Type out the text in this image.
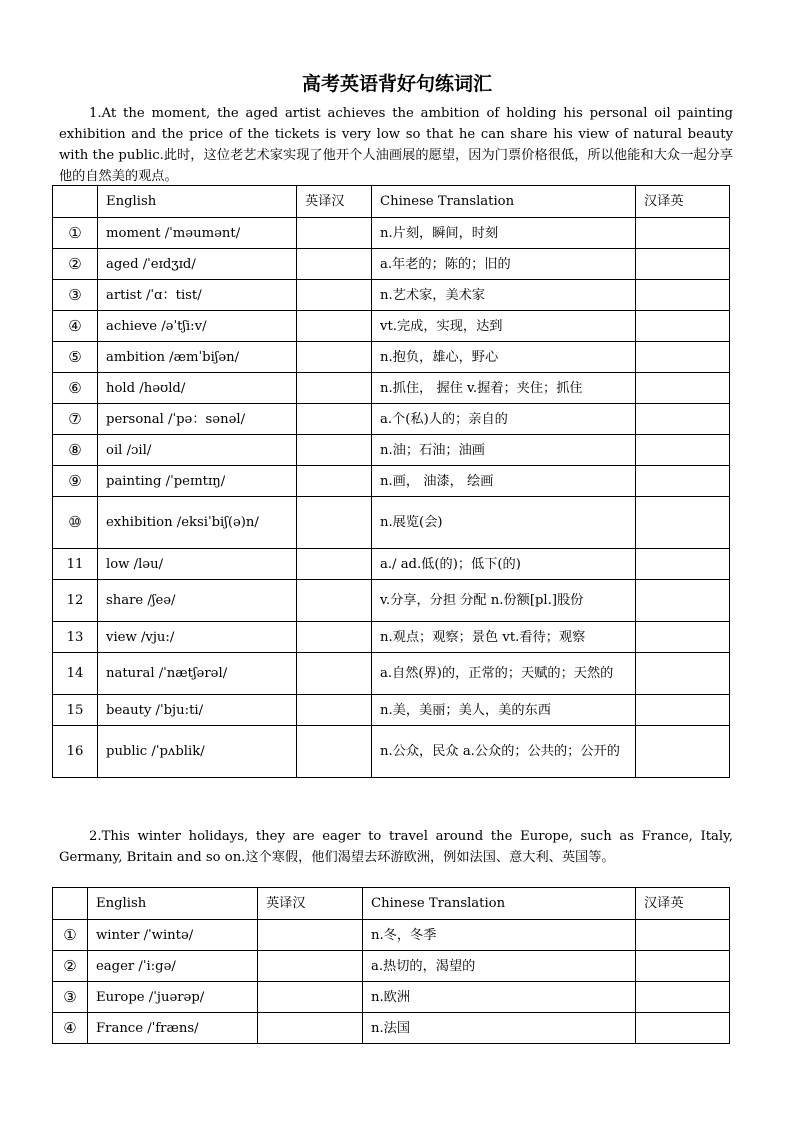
高考英语背好句练词汇
1.At the moment, the aged artist achieves the ambition of holding his personal oil painting exhibition and the price of the tickets is very low so that he can share his view of natural beauty with the public.此时，这位老艺术家实现了他开个人油画展的愿望，因为门票价格很低，所以他能和大众一起分享他的自然美的观点。
	English	英译汉	Chinese Translation	汉译英
①	moment /ˈməumənt/		n.片刻，瞬间，时刻	
②	aged /ˈeɪdʒɪd/		a.年老的；陈的；旧的	
③	artist /ˈɑ：tist/		n.艺术家，美术家	
④	achieve /əˈtʃi:v/		vt.完成，实现，达到	
⑤	ambition /æmˈbiʃən/		n.抱负，雄心，野心	
⑥	hold /həʊld/		n.抓住， 握住 v.握着；夹住；抓住	
⑦	personal /ˈpə：sənəl/		a.个(私)人的；亲自的	
⑧	oil /ɔil/		n.油；石油；油画	
⑨	painting /ˈpeɪntɪŋ/		n.画， 油漆， 绘画	
⑩	exhibition /eksiˈbiʃ(ə)n/		n.展览(会)	
11	low /ləu/		a./ ad.低(的)；低下(的)	
12	share /ʃeə/		v.分享，分担 分配 n.份额[pl.]股份	
13	view /vju:/		n.观点；观察；景色 vt.看待；观察	
14	natural /ˈnætʃərəl/		a.自然(界)的，正常的；天赋的；天然的	
15	beauty /ˈbju:ti/		n.美，美丽；美人，美的东西	
16	public /ˈpʌblik/		n.公众，民众 a.公众的；公共的；公开的	
2.This winter holidays, they are eager to travel around the Europe, such as France, Italy, Germany, Britain and so on.这个寒假，他们渴望去环游欧洲，例如法国、意大利、英国等。
	English	英译汉	Chinese Translation	汉译英
①	winter /ˈwintə/		n.冬，冬季	
②	eager /ˈi:gə/		a.热切的，渴望的	
③	Europe /ˈjuərəp/		n.欧洲	
④	France /ˈfræns/		n.法国	
